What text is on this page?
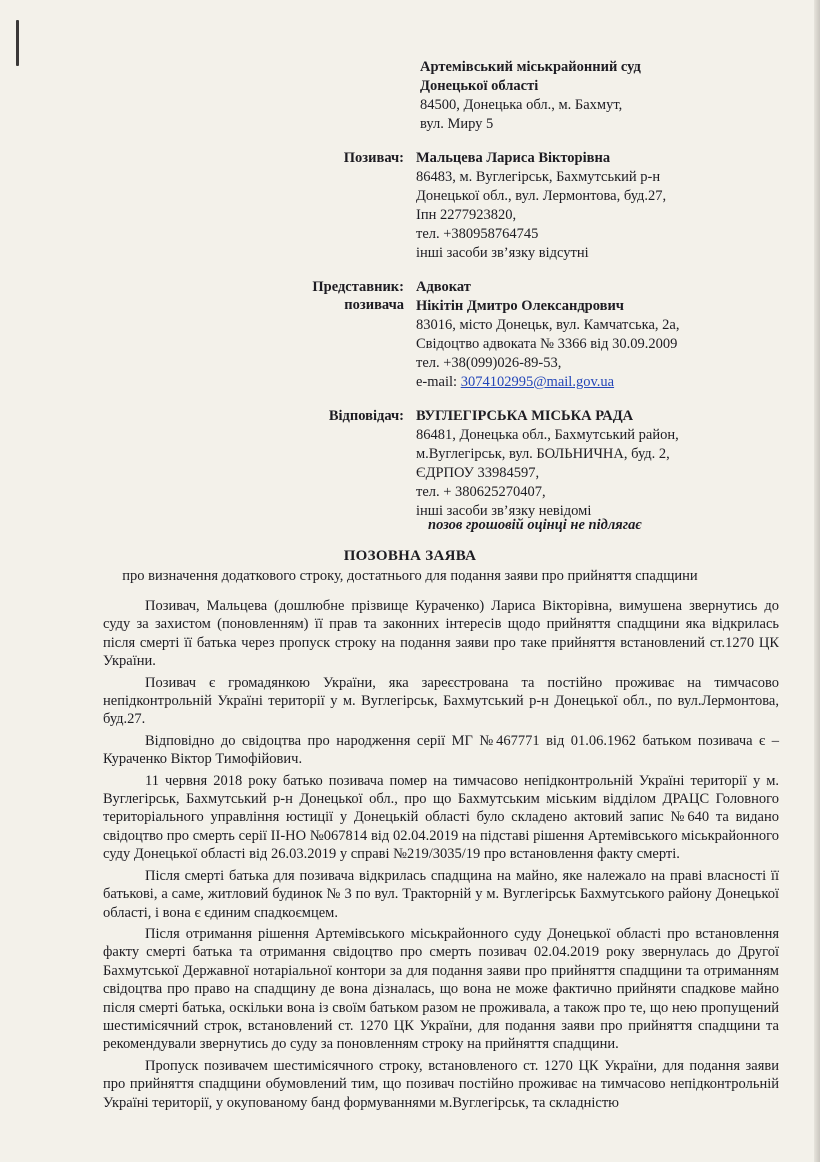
Артемівський міськрайонний суд
Донецької області
84500, Донецька обл., м. Бахмут,
вул. Миру 5
Позивач: Мальцева Лариса Вікторівна
86483, м. Вуглегірськ, Бахмутський р-н
Донецької обл., вул. Лермонтова, буд.27,
Іпн 2277923820,
тел. +380958764745
інші засоби зв’язку відсутні
Представник:
позивача
Адвокат
Нікітін Дмитро Олександрович
83016, місто Донецьк, вул. Камчатська, 2а,
Свідоцтво адвоката № 3366 від 30.09.2009
тел. +38(099)026-89-53,
e-mail: 3074102995@mail.gov.ua
Відповідач: ВУГЛЕГІРСЬКА МІСЬКА РАДА
86481, Донецька обл., Бахмутський район,
м.Вуглегірськ, вул. БОЛЬНИЧНА, буд. 2,
ЄДРПОУ 33984597,
тел. + 380625270407,
інші засоби зв’язку невідомі
позов грошовій оцінці не підлягає
ПОЗОВНА ЗАЯВА
про визначення додаткового строку, достатнього для подання заяви про прийняття спадщини

Позивач, Мальцева (дошлюбне прізвище Кураченко) Лариса Вікторівна, вимушена звернутись до суду за захистом (поновленням) її прав та законних інтересів щодо прийняття спадщини яка відкрилась після смерті її батька через пропуск строку на подання заяви про таке прийняття встановлений ст.1270 ЦК України.

Позивач є громадянкою України, яка зареєстрована та постійно проживає на тимчасово непідконтрольній Україні території у м. Вуглегірськ, Бахмутський р-н Донецької обл., по вул.Лермонтова, буд.27.

Відповідно до свідоцтва про народження серії МГ №467771 від 01.06.1962 батьком позивача є – Кураченко Віктор Тимофійович.

11 червня 2018 року батько позивача помер на тимчасово непідконтрольній Україні території у м. Вуглегірськ, Бахмутський р-н Донецької обл., про що Бахмутським міським відділом ДРАЦС Головного територіального управління юстиції у Донецькій області було складено актовий запис №640 та видано свідоцтво про смерть серії ІІ-НО №067814 від 02.04.2019 на підставі рішення Артемівського міськрайонного суду Донецької області від 26.03.2019 у справі №219/3035/19 про встановлення факту смерті.

Після смерті батька для позивача відкрилась спадщина на майно, яке належало на праві власності її батькові, а саме, житловий будинок № 3 по вул. Тракторній у м. Вуглегірськ Бахмутського району Донецької області, і вона є єдиним спадкоємцем.

Після отримання рішення Артемівського міськрайонного суду Донецької області про встановлення факту смерті батька та отримання свідоцтво про смерть позивач 02.04.2019 року звернулась до Другої Бахмутської Державної нотаріальної контори за для подання заяви про прийняття спадщини та отриманням свідоцтва про право на спадщину де вона дізналась, що вона не може фактично прийняти спадкове майно після смерті батька, оскільки вона із своїм батьком разом не проживала, а також про те, що нею пропущений шестимісячний строк, встановлений ст. 1270 ЦК України, для подання заяви про прийняття спадщини та рекомендували звернутись до суду за поновленням строку на прийняття спадщини.

Пропуск позивачем шестимісячного строку, встановленого ст. 1270 ЦК України, для подання заяви про прийняття спадщини обумовлений тим, що позивач постійно проживає на тимчасово непідконтрольній Україні території, у окупованому банд формуваннями м.Вуглегірськ, та складністю
